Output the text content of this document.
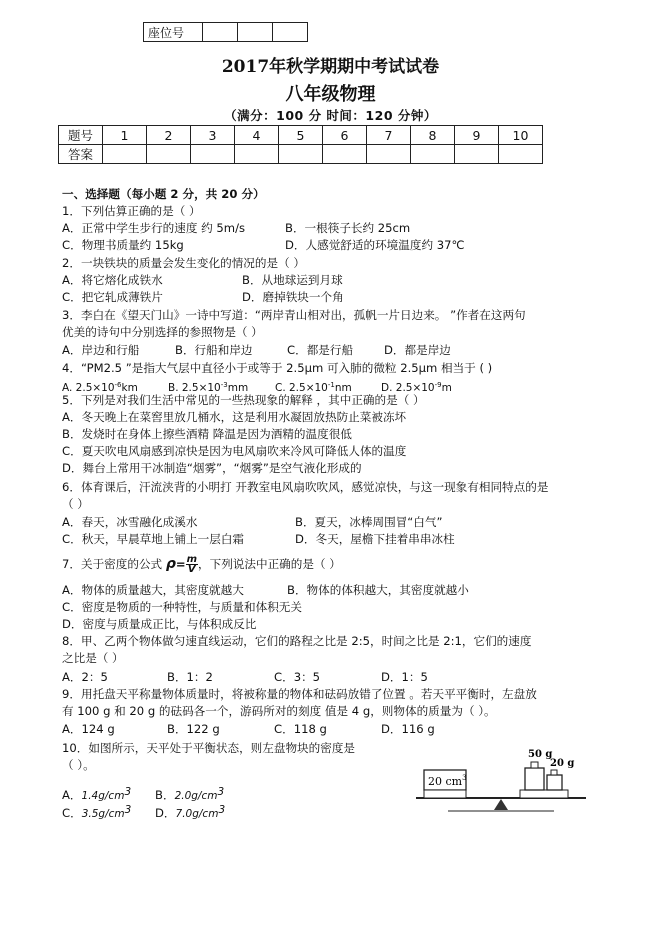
座位号			
2017年秋学期期中考试试卷
八年级物理
（满分：100 分 时间：120 分钟）
题号	1	2	3	4	5	6	7	8	9	10
答案										
一、选择题（每小题 2 分，共 20 分）
1．下列估算正确的是（ ）
A．正常中学生步行的速度 约 5m/s	B．一根筷子长约 25cm
C．物理书质量约 15kg	D．人感觉舒适的环境温度约 37℃
2．一块铁块的质量会发生变化的情况的是（ ）
A．将它熔化成铁水	B．从地球运到月球
C．把它轧成薄铁片	D．磨掉铁块一个角
3．李白在《望天门山》一诗中写道：“两岸青山相对出，孤帆一片日边来。 ”作者在这两句
优美的诗句中分别选择的参照物是（ ）
A．岸边和行船	B．行船和岸边	C．都是行船	D．都是岸边
4．“PM2.5 ”是指大气层中直径小于或等于 2.5μm 可入肺的微粒 2.5μm 相当于 ( )
A. $2.5\times 10^{-6}km$	B. $2.5\times 10^{-3}mm$	C. $2.5\times 10^{-1}nm$	D. $2.5\times 10^{-9}m$
5．下列是对我们生活中常见的一些热现象的解释 ，其中正确的是（ ）
A．冬天晚上在菜窖里放几桶水，这是利用水凝固放热防止菜被冻坏
B．发烧时在身体上擦些酒精 降温是因为酒精的温度很低
C．夏天吹电风扇感到凉快是因为电风扇吹来冷风可降低人体的温度
D．舞台上常用干冰制造“烟雾”，“烟雾”是空气液化形成的
6．体育课后，汗流浃背的小明打 开教室电风扇吹吹风，感觉凉快，与这一现象有相同特点的是
（ ）
A．春天，冰雪融化成溪水	B．夏天，冰棒周围冒“白气”
C．秋天，早晨草地上铺上一层白霜	D．冬天，屋檐下挂着串串冰柱
7．关于密度的公式 $\rho= \frac{m}{V}$ ，下列说法中正确的是（ ）
A．物体的质量越大，其密度就越大	B．物体的体积越大，其密度就越小
C．密度是物质的一种特性，与质量和体积无关
D．密度与质量成正比，与体积成反比
8．甲、乙两个物体做匀速直线运动，它们的路程之比是 2:5，时间之比是 2:1，它们的速度
之比是（ ）
A．2：5	B．1：2	C．3：5	D．1：5
9．用托盘天平称量物体质量时，将被称量的物体和砝码放错了位置 。若天平平衡时，左盘放
有 100 g 和 20 g 的砝码各一个，游码所对的刻度 值是 4 g，则物体的质量为（ ）。
A．124 g	B．122 g	C．118 g	D．116 g
10．如图所示，天平处于平衡状态，则左盘物块的密度是
（ ）。
A．$1.4g/cm^3$ B．$2.0g/cm^3$
C．$3.5g/cm^3$ D．$7.0g/cm^3$
20 $cm^3$
50 g
20 g
